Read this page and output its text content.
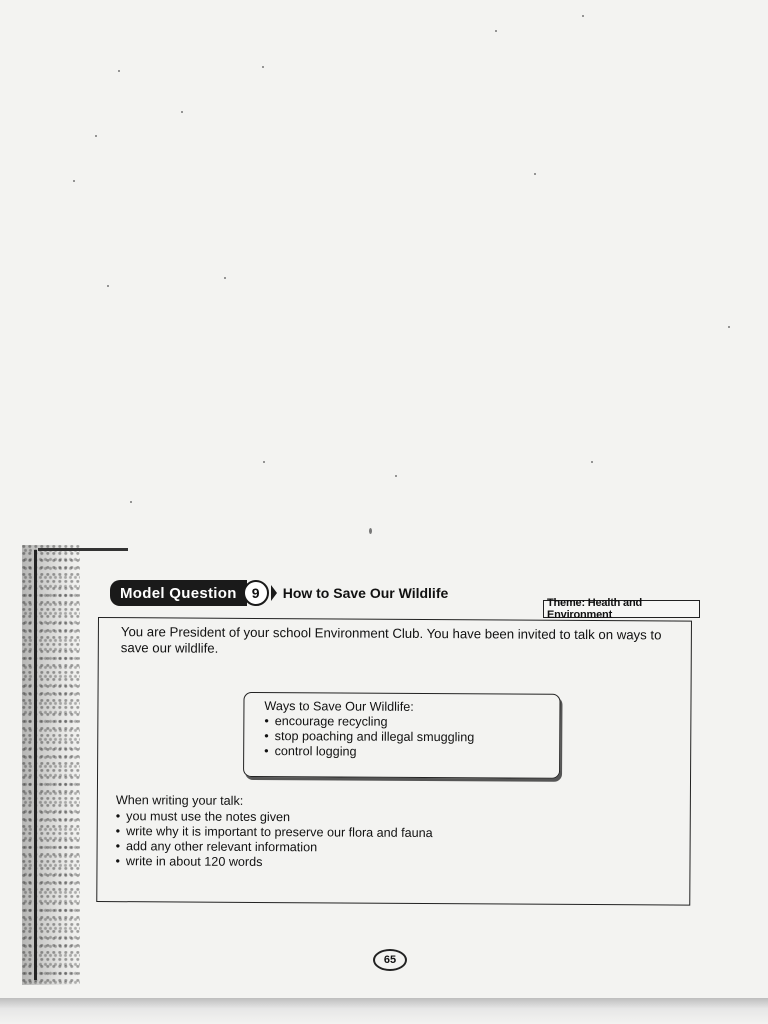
Model Question	9	How to Save Our Wildlife
Theme: Health and Environment
You are President of your school Environment Club. You have been invited to talk on ways to save our wildlife.
Ways to Save Our Wildlife:
• encourage recycling
• stop poaching and illegal smuggling
• control logging
When writing your talk:
• you must use the notes given
• write why it is important to preserve our flora and fauna
• add any other relevant information
• write in about 120 words
65
